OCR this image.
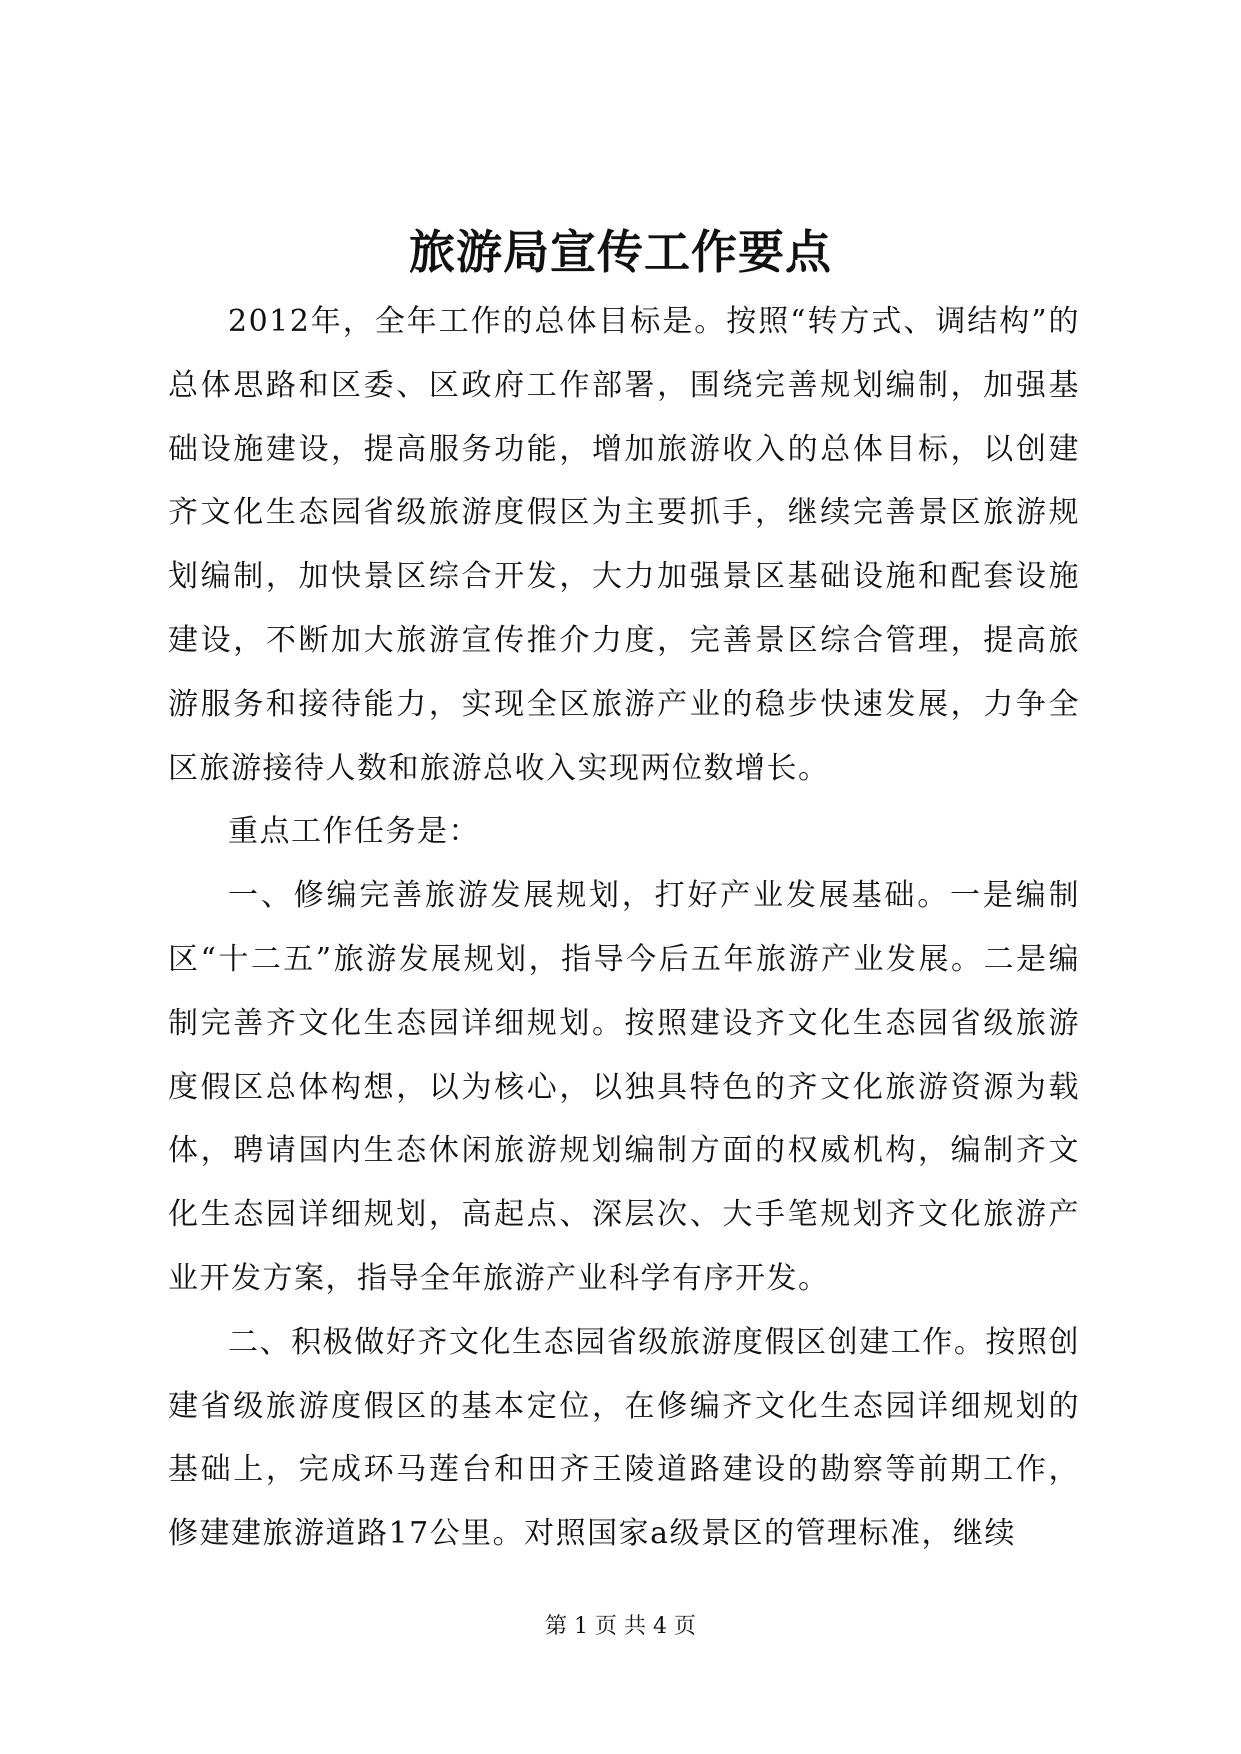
旅游局宣传工作要点

2012年，全年工作的总体目标是。按照“转方式、调结构”的总体思路和区委、区政府工作部署，围绕完善规划编制，加强基础设施建设，提高服务功能，增加旅游收入的总体目标，以创建齐文化生态园省级旅游度假区为主要抓手，继续完善景区旅游规划编制，加快景区综合开发，大力加强景区基础设施和配套设施建设，不断加大旅游宣传推介力度，完善景区综合管理，提高旅游服务和接待能力，实现全区旅游产业的稳步快速发展，力争全区旅游接待人数和旅游总收入实现两位数增长。

重点工作任务是：

一、修编完善旅游发展规划，打好产业发展基础。一是编制区“十二五”旅游发展规划，指导今后五年旅游产业发展。二是编制完善齐文化生态园详细规划。按照建设齐文化生态园省级旅游度假区总体构想，以为核心，以独具特色的齐文化旅游资源为载体，聘请国内生态休闲旅游规划编制方面的权威机构，编制齐文化生态园详细规划，高起点、深层次、大手笔规划齐文化旅游产业开发方案，指导全年旅游产业科学有序开发。

二、积极做好齐文化生态园省级旅游度假区创建工作。按照创建省级旅游度假区的基本定位，在修编齐文化生态园详细规划的基础上，完成环马莲台和田齐王陵道路建设的勘察等前期工作，修建建旅游道路17公里。对照国家a级景区的管理标准，继续

第 1 页 共 4 页
